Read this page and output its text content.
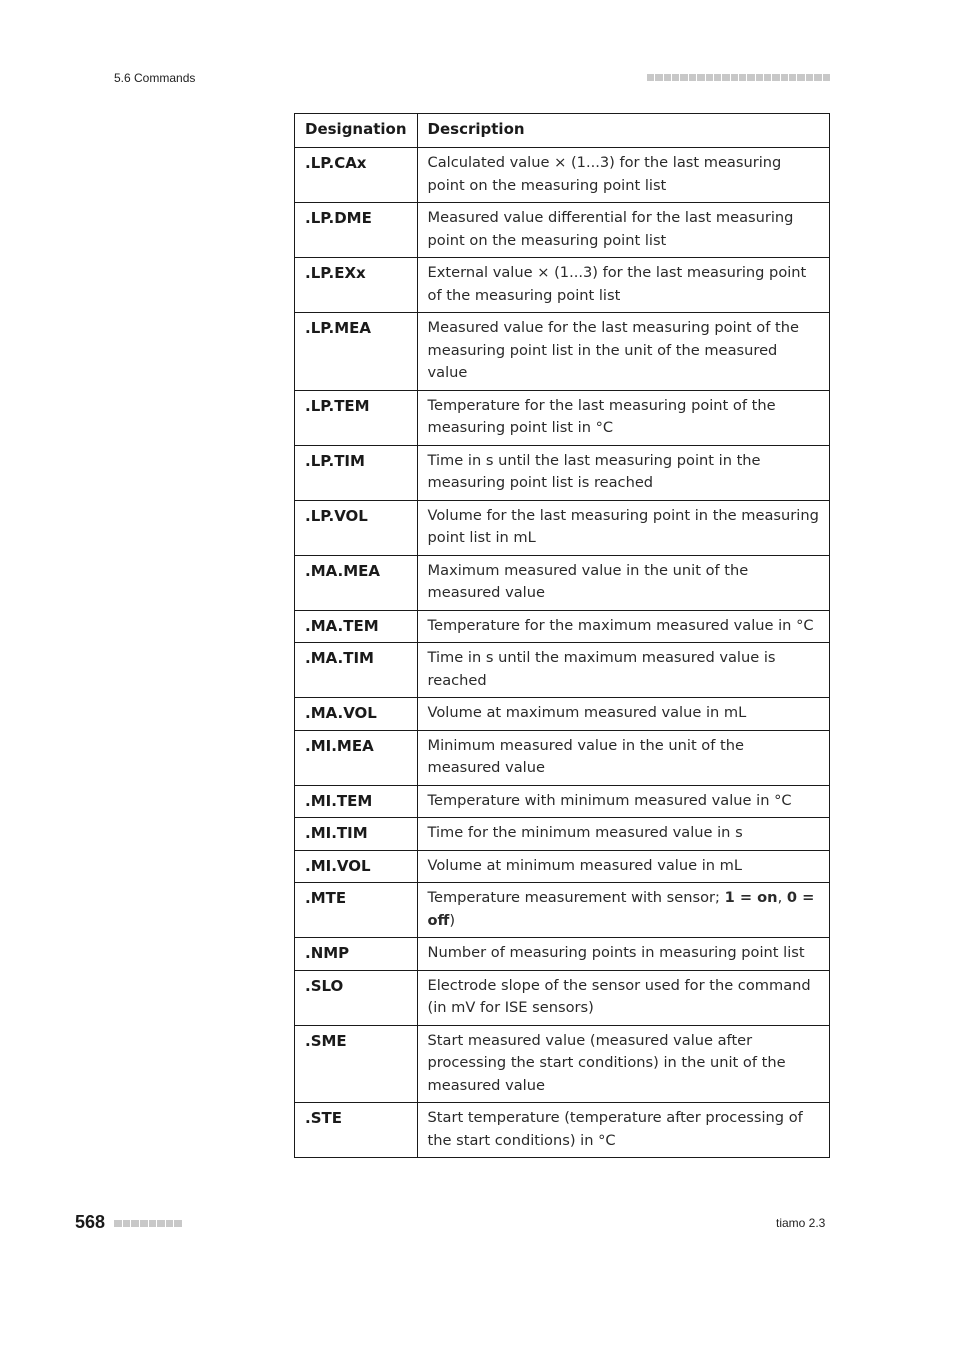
5.6 Commands
Designation	Description
.LP.CAx	Calculated value × (1...3) for the last measuring point on the measuring point list
.LP.DME	Measured value differential for the last measuring point on the measuring point list
.LP.EXx	External value × (1...3) for the last measuring point of the measuring point list
.LP.MEA	Measured value for the last measuring point of the measuring point list in the unit of the measured value
.LP.TEM	Temperature for the last measuring point of the measuring point list in °C
.LP.TIM	Time in s until the last measuring point in the measuring point list is reached
.LP.VOL	Volume for the last measuring point in the measuring point list in mL
.MA.MEA	Maximum measured value in the unit of the measured value
.MA.TEM	Temperature for the maximum measured value in °C
.MA.TIM	Time in s until the maximum measured value is reached
.MA.VOL	Volume at maximum measured value in mL
.MI.MEA	Minimum measured value in the unit of the measured value
.MI.TEM	Temperature with minimum measured value in °C
.MI.TIM	Time for the minimum measured value in s
.MI.VOL	Volume at minimum measured value in mL
.MTE	Temperature measurement with sensor; 1 = on, 0 = off)
.NMP	Number of measuring points in measuring point list
.SLO	Electrode slope of the sensor used for the command (in mV for ISE sensors)
.SME	Start measured value (measured value after processing the start conditions) in the unit of the measured value
.STE	Start temperature (temperature after processing of the start conditions) in °C
568	tiamo 2.3
